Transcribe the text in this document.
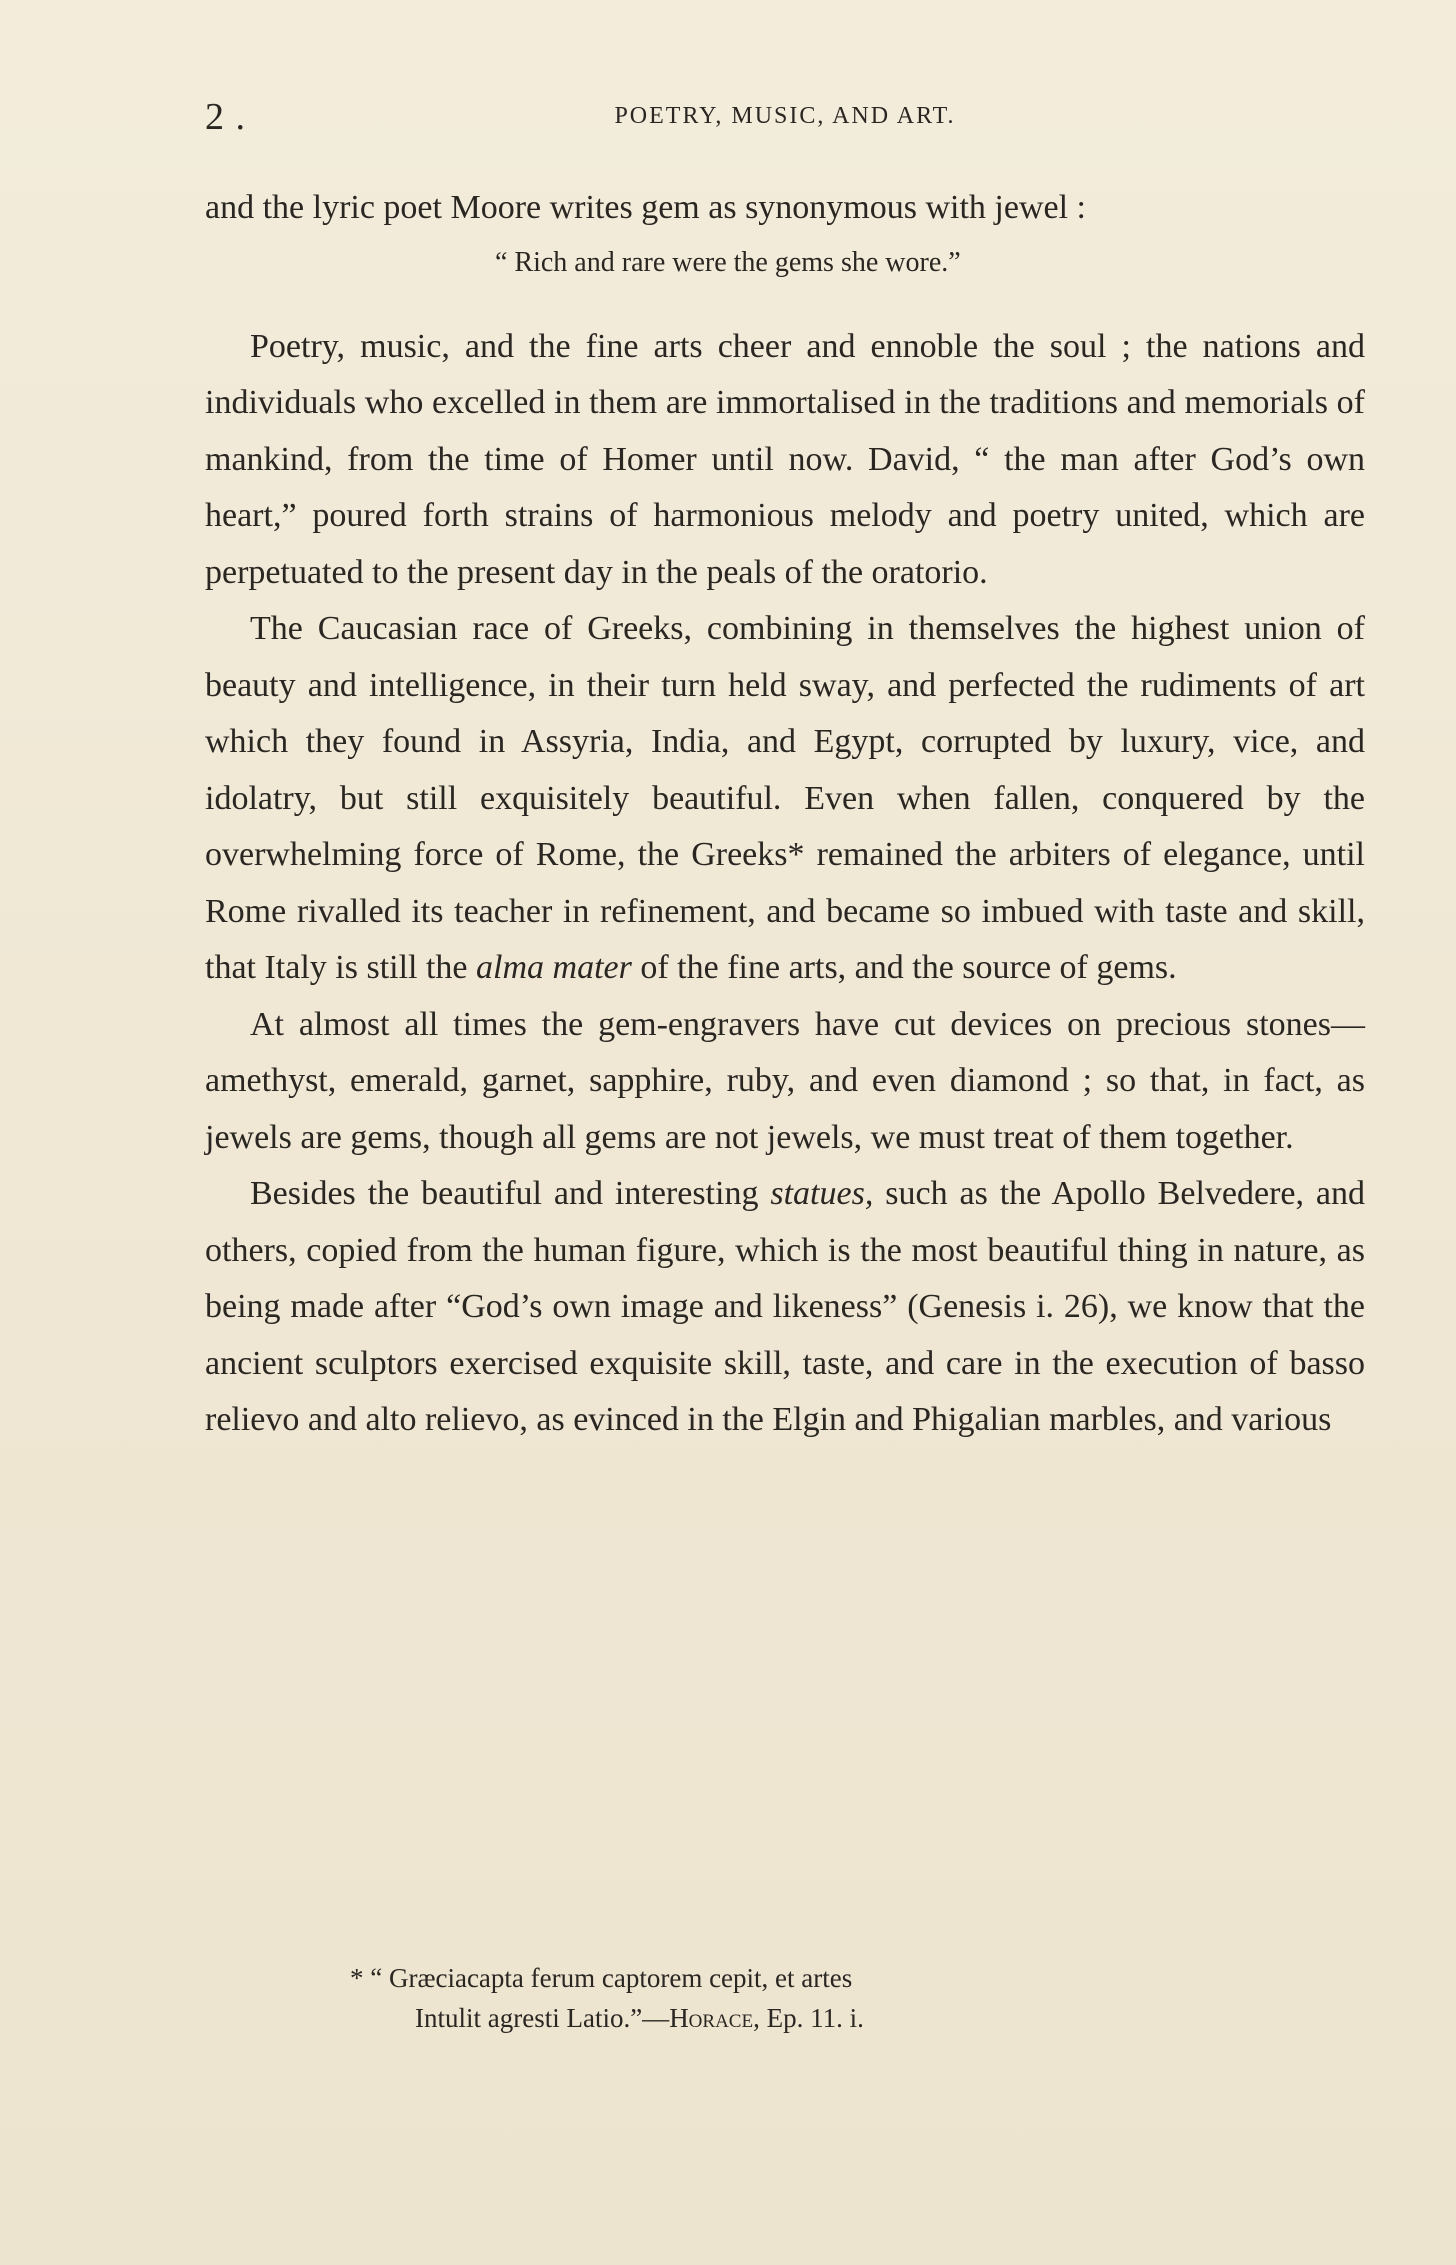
2 .	POETRY, MUSIC, AND ART.

and the lyric poet Moore writes gem as synonymous with jewel :

“ Rich and rare were the gems she wore.”

Poetry, music, and the fine arts cheer and ennoble the soul ; the nations and individuals who excelled in them are immortalised in the traditions and memorials of mankind, from the time of Homer until now. David, “ the man after God’s own heart,” poured forth strains of harmonious melody and poetry united, which are perpetuated to the present day in the peals of the oratorio.

The Caucasian race of Greeks, combining in themselves the highest union of beauty and intelligence, in their turn held sway, and perfected the rudiments of art which they found in Assyria, India, and Egypt, corrupted by luxury, vice, and idolatry, but still exquisitely beautiful. Even when fallen, conquered by the overwhelming force of Rome, the Greeks* remained the arbiters of elegance, until Rome rivalled its teacher in refinement, and became so imbued with taste and skill, that Italy is still the alma mater of the fine arts, and the source of gems.

At almost all times the gem-engravers have cut devices on precious stones—amethyst, emerald, garnet, sapphire, ruby, and even diamond ; so that, in fact, as jewels are gems, though all gems are not jewels, we must treat of them together.

Besides the beautiful and interesting statues, such as the Apollo Belvedere, and others, copied from the human figure, which is the most beautiful thing in nature, as being made after “God’s own image and likeness” (Genesis i. 26), we know that the ancient sculptors exercised exquisite skill, taste, and care in the execution of basso relievo and alto relievo, as evinced in the Elgin and Phigalian marbles, and various

* “ Græciacapta ferum captorem cepit, et artes
Intulit agresti Latio.”—Horace, Ep. 11. i.
